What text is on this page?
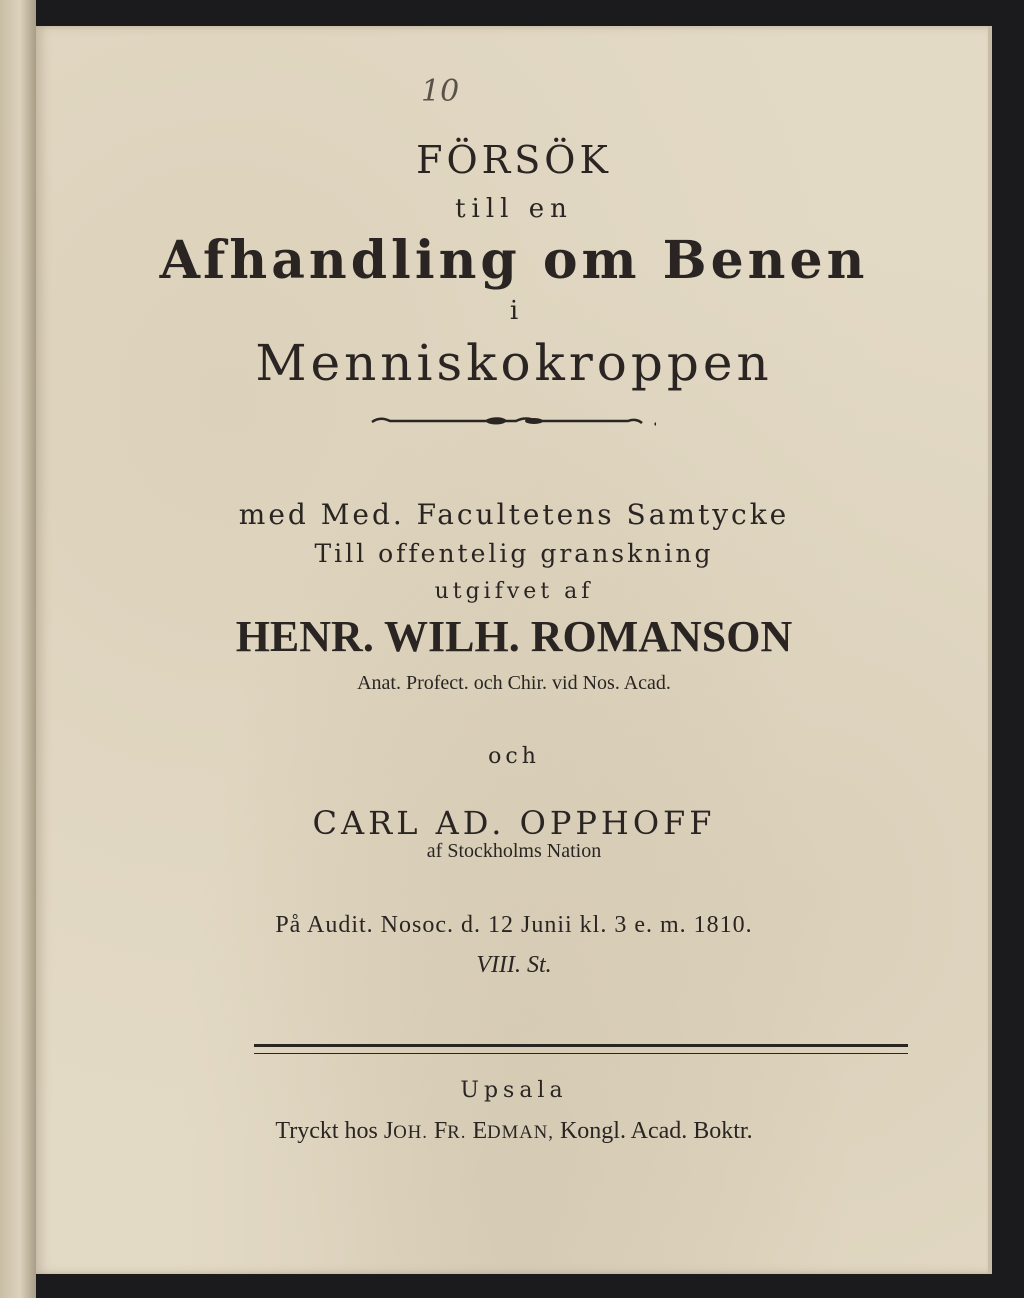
10
FÖRSÖK
till en
Afhandling om Benen
i
Menniskokroppen
med Med. Facultetens Samtycke
Till offentelig granskning
utgifvet af
HENR. WILH. ROMANSON
Anat. Profect. och Chir. vid Nos. Acad.
och
CARL AD. OPPHOFF
af Stockholms Nation
På Audit. Nosoc. d. 12 Junii kl. 3 e. m. 1810.
VIII. St.
Upsala
Tryckt hos JOH. FR. EDMAN, Kongl. Acad. Boktr.
